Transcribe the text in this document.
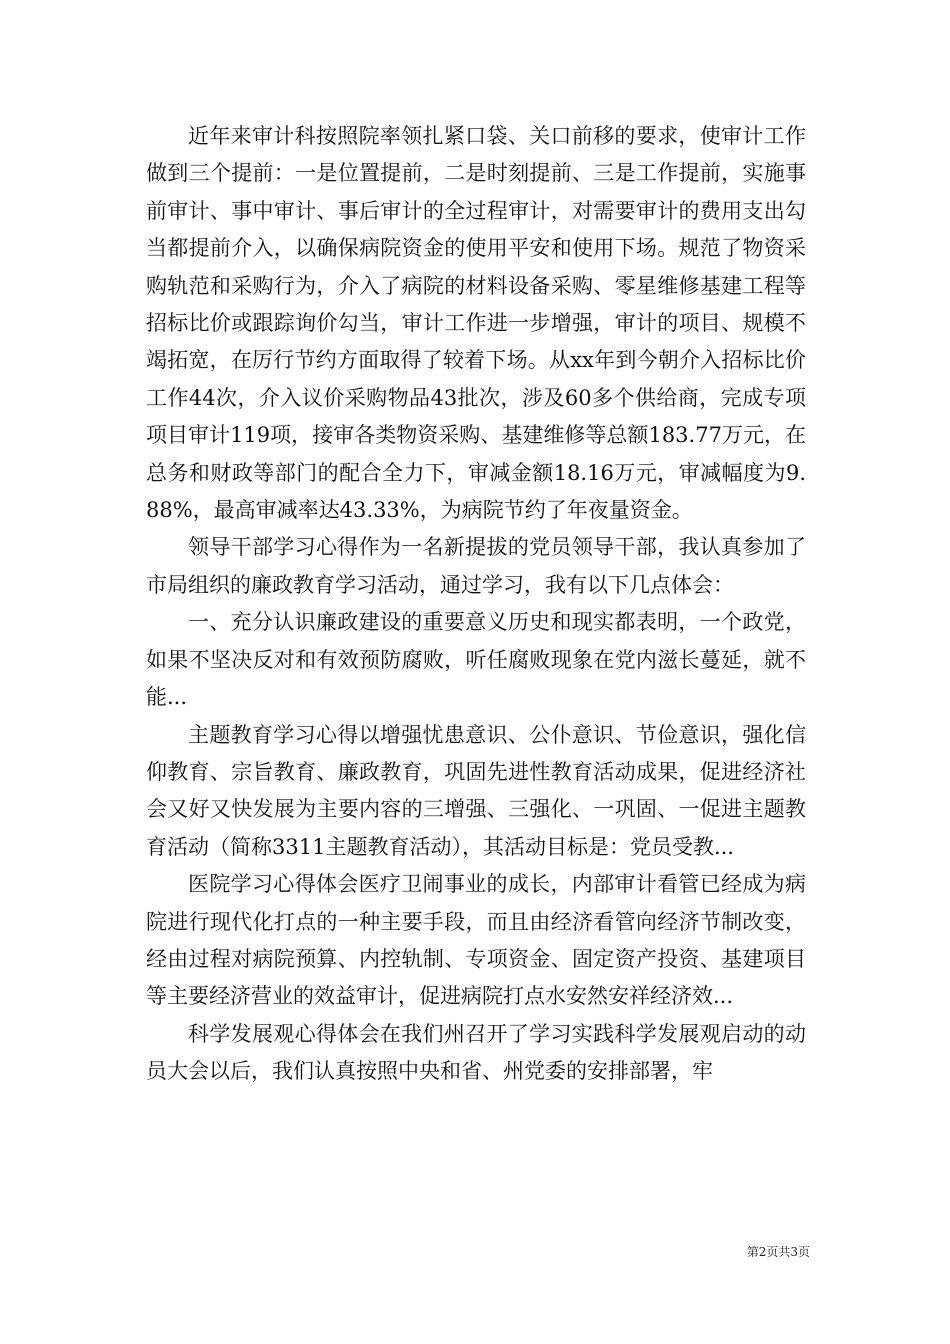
近年来审计科按照院率领扎紧口袋、关口前移的要求，使审计工作做到三个提前：一是位置提前，二是时刻提前、三是工作提前，实施事前审计、事中审计、事后审计的全过程审计，对需要审计的费用支出勾当都提前介入，以确保病院资金的使用平安和使用下场。规范了物资采购轨范和采购行为，介入了病院的材料设备采购、零星维修基建工程等招标比价或跟踪询价勾当，审计工作进一步增强，审计的项目、规模不竭拓宽，在厉行节约方面取得了较着下场。从xx年到今朝介入招标比价工作44次，介入议价采购物品43批次，涉及60多个供给商，完成专项项目审计119项，接审各类物资采购、基建维修等总额183.77万元，在总务和财政等部门的配合全力下，审减金额18.16万元，审减幅度为9.88%，最高审减率达43.33%，为病院节约了年夜量资金。

领导干部学习心得作为一名新提拔的党员领导干部，我认真参加了市局组织的廉政教育学习活动，通过学习，我有以下几点体会：

一、充分认识廉政建设的重要意义历史和现实都表明，一个政党，如果不坚决反对和有效预防腐败，听任腐败现象在党内滋长蔓延，就不能...

主题教育学习心得以增强忧患意识、公仆意识、节俭意识，强化信仰教育、宗旨教育、廉政教育，巩固先进性教育活动成果，促进经济社会又好又快发展为主要内容的三增强、三强化、一巩固、一促进主题教育活动（简称3311主题教育活动），其活动目标是：党员受教...

医院学习心得体会医疗卫闹事业的成长，内部审计看管已经成为病院进行现代化打点的一种主要手段，而且由经济看管向经济节制改变，经由过程对病院预算、内控轨制、专项资金、固定资产投资、基建项目等主要经济营业的效益审计，促进病院打点水安然安祥经济效...

科学发展观心得体会在我们州召开了学习实践科学发展观启动的动员大会以后，我们认真按照中央和省、州党委的安排部署，牢

第2页共3页
